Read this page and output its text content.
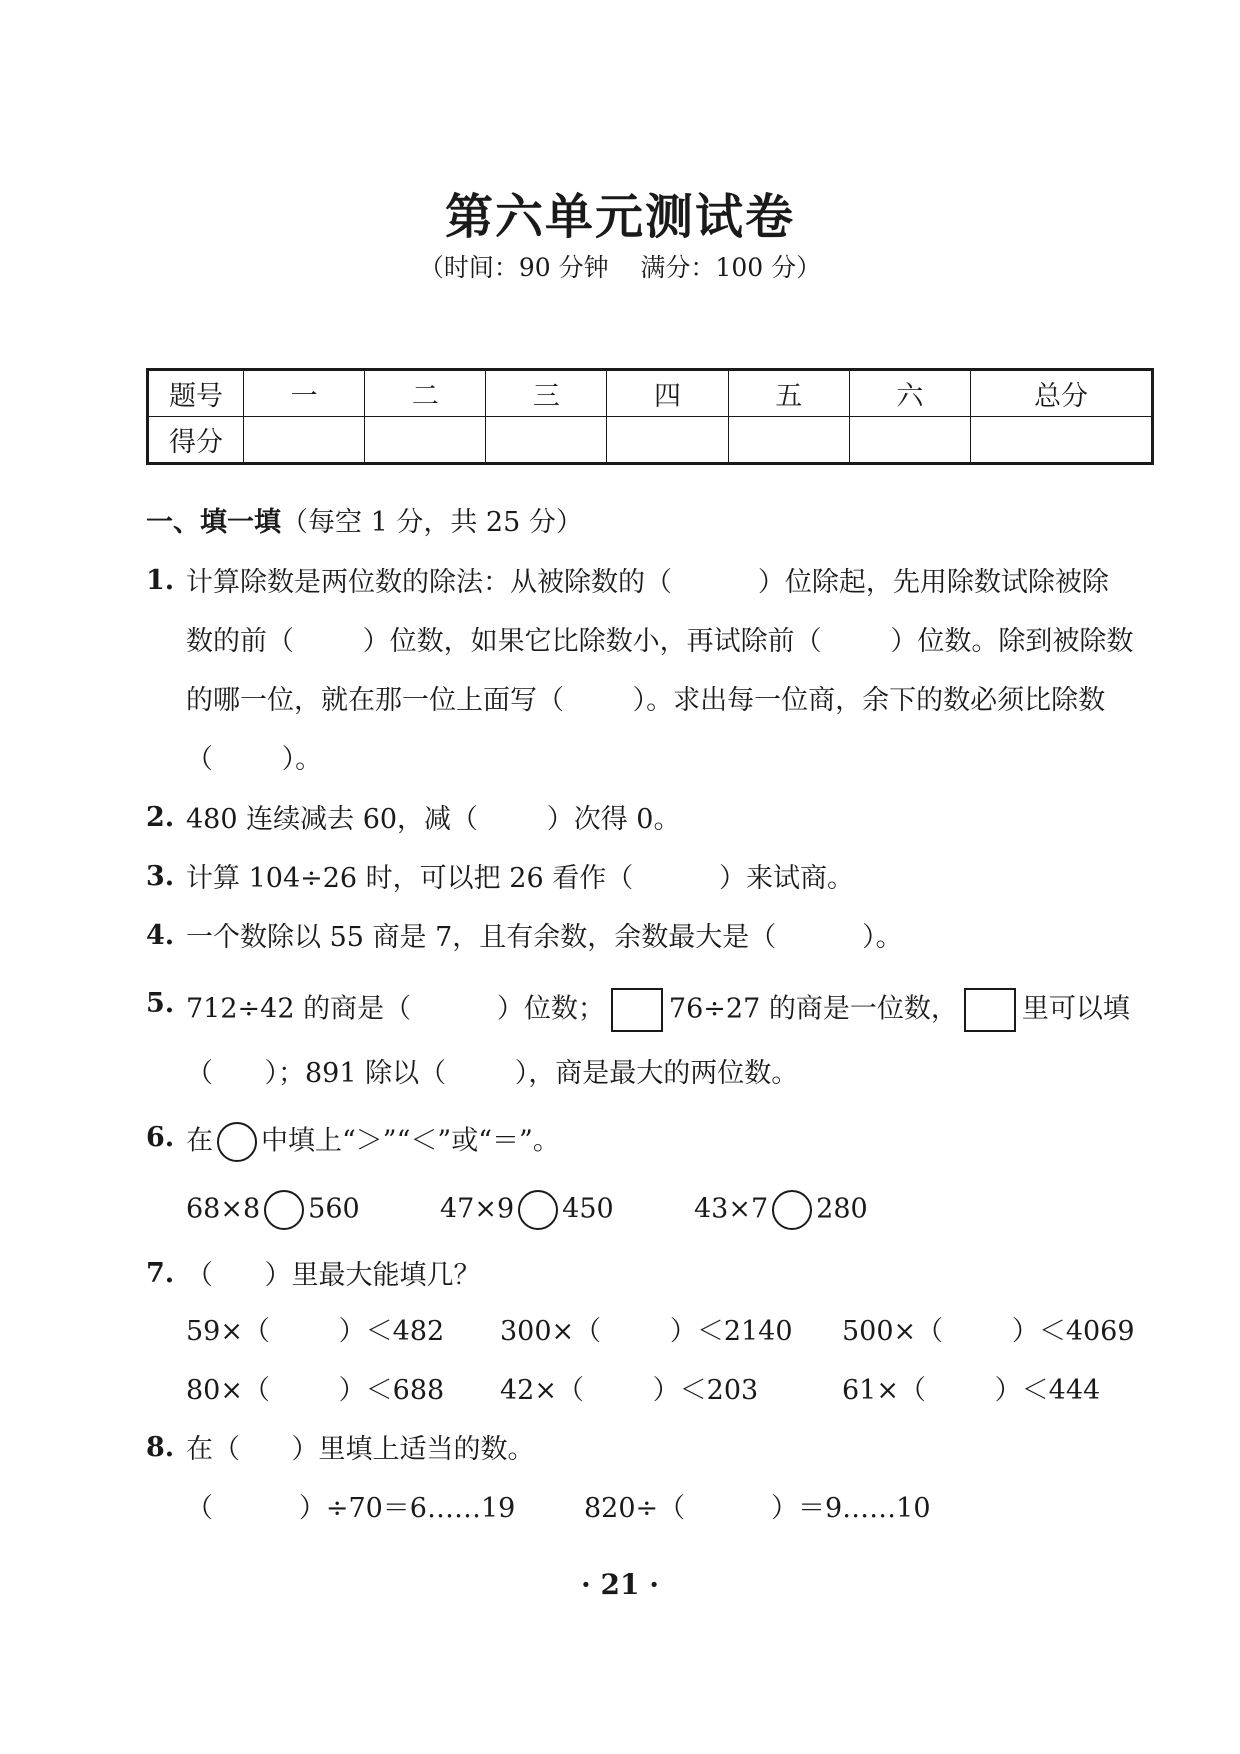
第六单元测试卷
（时间：90 分钟    满分：100 分）
题号	一	二	三	四	五	六	总分
得分							
一、填一填（每空 1 分，共 25 分）
1. 计算除数是两位数的除法：从被除数的（          ）位除起，先用除数试除被除
数的前（        ）位数，如果它比除数小，再试除前（        ）位数。除到被除数
的哪一位，就在那一位上面写（        ）。求出每一位商，余下的数必须比除数
（        ）。
2. 480 连续减去 60，减（        ）次得 0。
3. 计算 104÷26 时，可以把 26 看作（          ）来试商。
4. 一个数除以 55 商是 7，且有余数，余数最大是（          ）。
5. 712÷42 的商是（          ）位数； 76÷27 的商是一位数， 里可以填
（      ）；891 除以（        ），商是最大的两位数。
6. 在 中填上“＞”“＜”或“＝”。
68×8 560	47×9 450	43×7 280
7. （      ）里最大能填几？
59×（        ）＜482 300×（        ）＜2140 500×（        ）＜4069
80×（        ）＜688 42×（        ）＜203	61×（        ）＜444
8. 在（      ）里填上适当的数。
（          ）÷70＝6……19	820÷（          ）＝9……10
· 21 ·
